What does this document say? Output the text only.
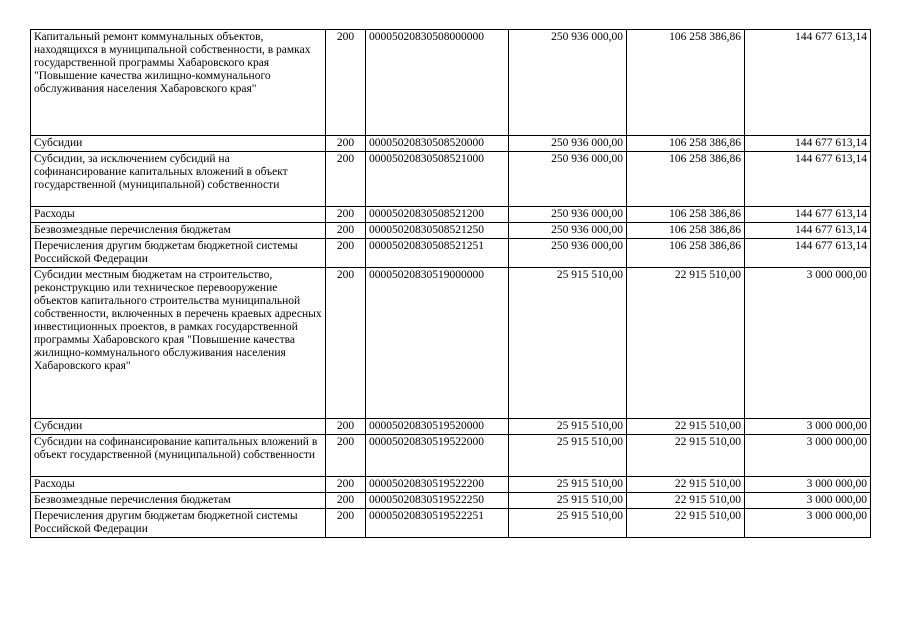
Капитальный ремонт коммунальных объектов, находящихся в муниципальной собственности, в рамках государственной программы Хабаровского края "Повышение качества жилищно-коммунального обслуживания населения Хабаровского края"	200	00005020830508000000	250 936 000,00	106 258 386,86	144 677 613,14
Субсидии	200	00005020830508520000	250 936 000,00	106 258 386,86	144 677 613,14
Субсидии, за исключением субсидий на софинансирование капитальных вложений в объект государственной (муниципальной) собственности	200	00005020830508521000	250 936 000,00	106 258 386,86	144 677 613,14
Расходы	200	00005020830508521200	250 936 000,00	106 258 386,86	144 677 613,14
Безвозмездные перечисления бюджетам	200	00005020830508521250	250 936 000,00	106 258 386,86	144 677 613,14
Перечисления другим бюджетам бюджетной системы Российской Федерации	200	00005020830508521251	250 936 000,00	106 258 386,86	144 677 613,14
Субсидии местным бюджетам на строительство, реконструкцию или техническое перевооружение объектов капитального строительства муниципальной собственности, включенных в перечень краевых адресных инвестиционных проектов, в рамках государственной программы Хабаровского края "Повышение качества жилищно-коммунального обслуживания населения Хабаровского края"	200	00005020830519000000	25 915 510,00	22 915 510,00	3 000 000,00
Субсидии	200	00005020830519520000	25 915 510,00	22 915 510,00	3 000 000,00
Субсидии на софинансирование капитальных вложений в объект государственной (муниципальной) собственности	200	00005020830519522000	25 915 510,00	22 915 510,00	3 000 000,00
Расходы	200	00005020830519522200	25 915 510,00	22 915 510,00	3 000 000,00
Безвозмездные перечисления бюджетам	200	00005020830519522250	25 915 510,00	22 915 510,00	3 000 000,00
Перечисления другим бюджетам бюджетной системы Российской Федерации	200	00005020830519522251	25 915 510,00	22 915 510,00	3 000 000,00
